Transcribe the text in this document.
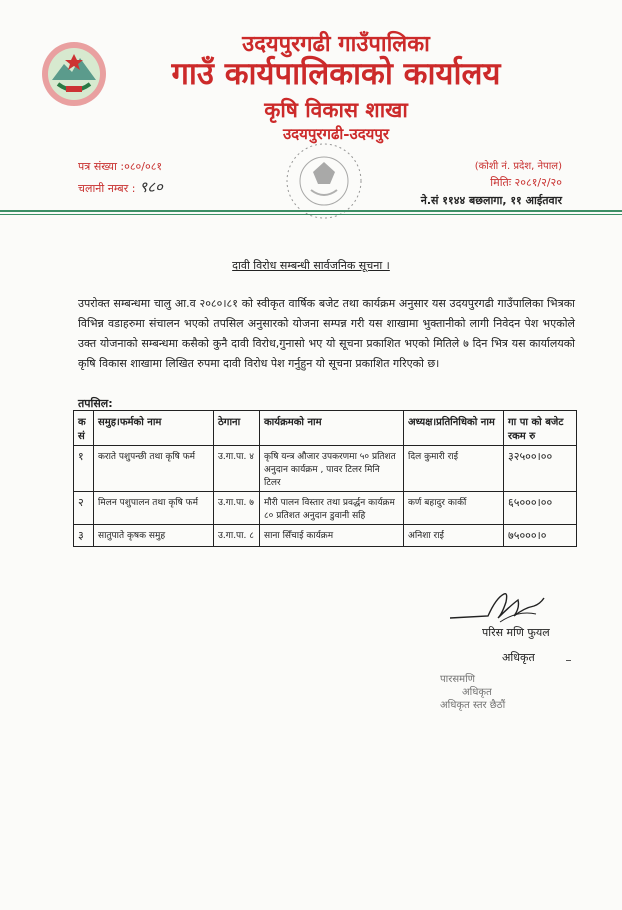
उदयपुरगढी गाउँपालिका
गाउँ कार्यपालिकाको कार्यालय
कृषि विकास शाखा
उदयपुरगढी-उदयपुर
पत्र संख्या :०८०/०८१
चलानी नम्बर : ९८०
(कोशी नं. प्रदेश, नेपाल)
मितिः २०८१/२/२०
ने.सं ११४४ बछलागा, ११ आईतवार
दावी विरोध सम्बन्धी सार्वजनिक सूचना ।
उपरोक्त सम्बन्धमा चालु आ.व २०८०।८१ को स्वीकृत वार्षिक बजेट तथा कार्यक्रम अनुसार यस उदयपुरगढी गाउँपालिका भित्रका विभिन्न वडाहरुमा संचालन भएको तपसिल अनुसारको योजना सम्पन्न गरी यस शाखामा भुक्तानीको लागी निवेदन पेश भएकोले उक्त योजनाको सम्बन्धमा कसैको कुनै दावी विरोध,गुनासो भए यो सूचना प्रकाशित भएको मितिले ७ दिन भित्र यस कार्यालयको कृषि विकास शाखामा लिखित रुपमा दावी विरोध पेश गर्नुहुन यो सूचना प्रकाशित गरिएको छ।
तपसिल:
क सं	समुह।फर्मको नाम	ठेगाना	कार्यक्रमको नाम	अध्यक्ष।प्रतिनिधिको नाम	गा पा को बजेट रकम रु
१	कराते पशुपन्छी तथा कृषि फर्म	उ.गा.पा. ४	कृषि यन्त्र औजार उपकरणमा ५० प्रतिशत अनुदान कार्यक्रम , पावर टिलर मिनि टिलर	दिल कुमारी राई	३२५००।००
२	मिलन पशुपालन तथा कृषि फर्म	उ.गा.पा. ७	मौरी पालन विस्तार तथा प्रवर्द्धन कार्यक्रम ८० प्रतिशत अनुदान डुवानी सहि	कर्ण बहादुर कार्की	६५०००।००
३	सातुपाते कृषक समुह	उ.गा.पा. ८	साना सिँचाई कार्यक्रम	अनिशा राई	७५०००।०
परिस मणि फुयल
अधिकृत
पारसमणि
अधिकृत
अधिकृत स्तर छैठौं
